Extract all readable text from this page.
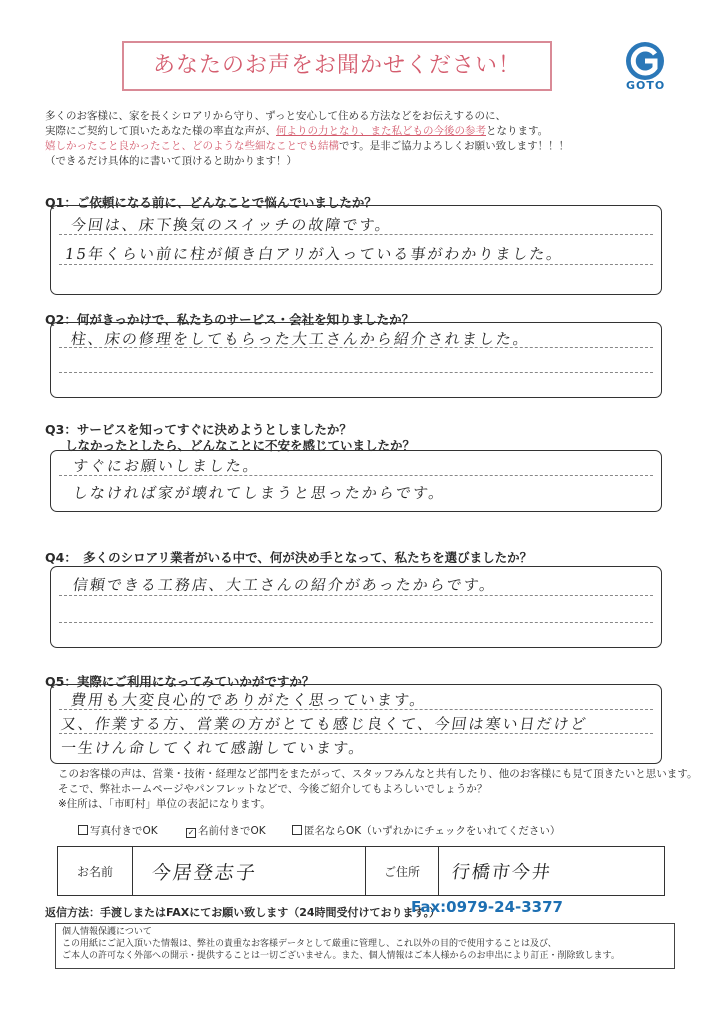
あなたのお声をお聞かせください！
GOTO
多くのお客様に、家を長くシロアリから守り、ずっと安心して住める方法などをお伝えするのに、
実際にご契約して頂いたあなた様の率直な声が、何よりの力となり、また私どもの今後の参考となります。
嬉しかったこと良かったこと、どのような些細なことでも結構です。是非ご協力よろしくお願い致します！！！
（できるだけ具体的に書いて頂けると助かります！）
Q1：ご依頼になる前に、どんなことで悩んでいましたか？
今回は、床下換気のスイッチの故障です。
15年くらい前に柱が傾き白アリが入っている事がわかりました。
Q2：何がきっかけで、私たちのサービス・会社を知りましたか？
柱、床の修理をしてもらった大工さんから紹介されました。
Q3：サービスを知ってすぐに決めようとしましたか？
しなかったとしたら、どんなことに不安を感じていましたか？
すぐにお願いしました。
しなければ家が壊れてしまうと思ったからです。
Q4：　多くのシロアリ業者がいる中で、何が決め手となって、私たちを選びましたか？
信頼できる工務店、大工さんの紹介があったからです。
Q5：実際にご利用になってみていかがですか？
費用も大変良心的でありがたく思っています。
又、作業する方、営業の方がとても感じ良くて、今回は寒い日だけど
一生けん命してくれて感謝しています。
このお客様の声は、営業・技術・経理など部門をまたがって、スタッフみんなと共有したり、他のお客様にも見て頂きたいと思います。
そこで、弊社ホームページやパンフレットなどで、今後ご紹介してもよろしいでしょうか？
※住所は、「市町村」単位の表記になります。
写真付きでOK	✓ 名前付きでOK	匿名ならOK（いずれかにチェックをいれてください）
お名前	今居登志子	ご住所	行橋市今井
返信方法：手渡しまたはFAXにてお願い致します（24時間受付けております。）
Fax:0979-24-3377
個人情報保護について
この用紙にご記入頂いた情報は、弊社の貴重なお客様データとして厳重に管理し、これ以外の目的で使用することは及び、
ご本人の許可なく外部への開示・提供することは一切ございません。また、個人情報はご本人様からのお申出により訂正・削除致します。
